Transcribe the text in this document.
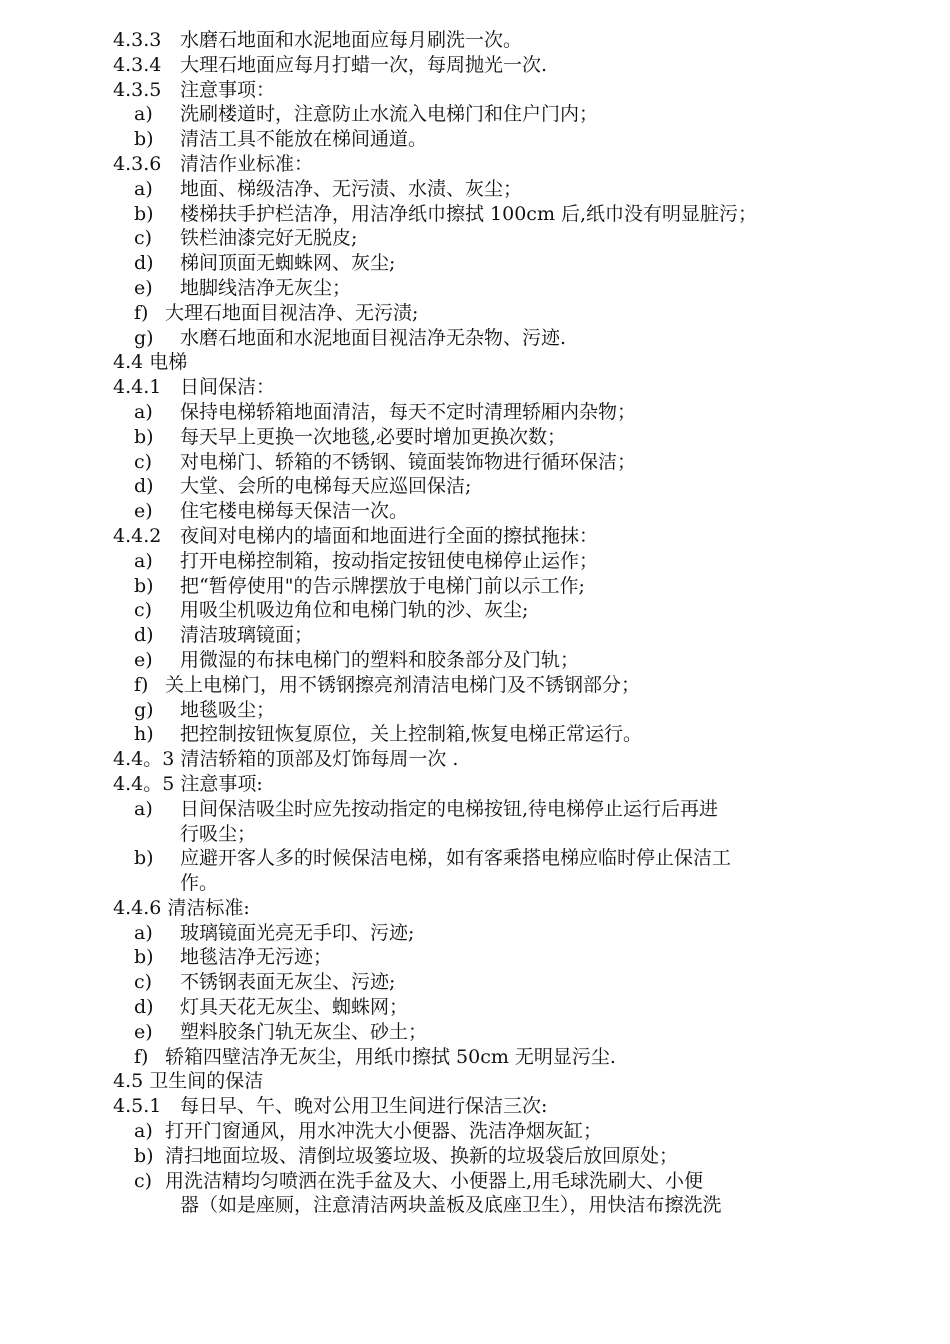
4.3.3 水磨石地面和水泥地面应每月刷洗一次。
4.3.4 大理石地面应每月打蜡一次，每周抛光一次.
4.3.5 注意事项：
a) 洗刷楼道时，注意防止水流入电梯门和住户门内；
b) 清洁工具不能放在梯间通道。
4.3.6 清洁作业标准：
a) 地面、梯级洁净、无污渍、水渍、灰尘；
b) 楼梯扶手护栏洁净，用洁净纸巾擦拭 100cm 后,纸巾没有明显脏污；
c) 铁栏油漆完好无脱皮;
d) 梯间顶面无蜘蛛网、灰尘;
e) 地脚线洁净无灰尘；
f) 大理石地面目视洁净、无污渍;
g) 水磨石地面和水泥地面目视洁净无杂物、污迹.
4.4 电梯
4.4.1 日间保洁：
a) 保持电梯轿箱地面清洁，每天不定时清理轿厢内杂物；
b) 每天早上更换一次地毯,必要时增加更换次数；
c) 对电梯门、轿箱的不锈钢、镜面装饰物进行循环保洁；
d) 大堂、会所的电梯每天应巡回保洁;
e) 住宅楼电梯每天保洁一次。
4.4.2 夜间对电梯内的墙面和地面进行全面的擦拭拖抹：
a) 打开电梯控制箱，按动指定按钮使电梯停止运作；
b) 把“暂停使用"的告示牌摆放于电梯门前以示工作;
c) 用吸尘机吸边角位和电梯门轨的沙、灰尘;
d) 清洁玻璃镜面；
e) 用微湿的布抹电梯门的塑料和胶条部分及门轨；
f) 关上电梯门，用不锈钢擦亮剂清洁电梯门及不锈钢部分；
g) 地毯吸尘；
h) 把控制按钮恢复原位，关上控制箱,恢复电梯正常运行。
4.4。3 清洁轿箱的顶部及灯饰每周一次 .
4.4。5 注意事项:
a) 日间保洁吸尘时应先按动指定的电梯按钮,待电梯停止运行后再进
行吸尘；
b) 应避开客人多的时候保洁电梯，如有客乘搭电梯应临时停止保洁工
作。
4.4.6 清洁标准:
a) 玻璃镜面光亮无手印、污迹;
b) 地毯洁净无污迹；
c) 不锈钢表面无灰尘、污迹;
d) 灯具天花无灰尘、蜘蛛网；
e) 塑料胶条门轨无灰尘、砂土；
f) 轿箱四壁洁净无灰尘，用纸巾擦拭 50cm 无明显污尘.
4.5 卫生间的保洁
4.5.1 每日早、午、晚对公用卫生间进行保洁三次:
a) 打开门窗通风，用水冲洗大小便器、洗洁净烟灰缸；
b) 清扫地面垃圾、清倒垃圾篓垃圾、换新的垃圾袋后放回原处；
c) 用洗洁精均匀喷洒在洗手盆及大、小便器上,用毛球洗刷大、小便
器（如是座厕，注意清洁两块盖板及底座卫生），用快洁布擦洗洗
